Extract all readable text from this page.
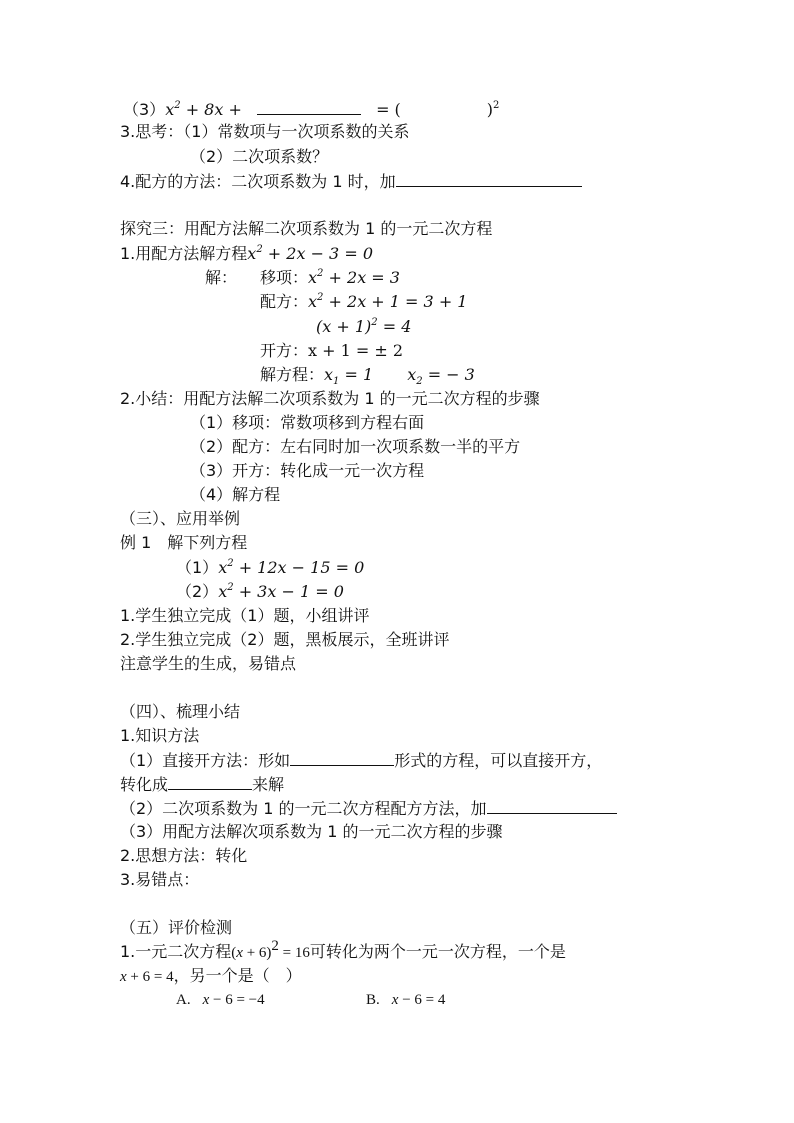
$(3)x^2 + 8x$ +	= (	)$^2$
3.思考：（1）常数项与一次项系数的关系
（2）二次项系数？
4.配方的方法：二次项系数为 1 时，加
探究三：用配方法解二次项系数为 1 的一元二次方程
1.用配方法解方程$x^2 + 2x - 3 = 0$
解： 移项：$x^2 + 2x = 3$
配方：$x^2 + 2x + 1 = 3 + 1$
$(x + 1)^2 = 4$
开方：x + 1 = ± 2
解方程：$x_1 = 1$ $x_2$ = − 3
2.小结：用配方法解二次项系数为 1 的一元二次方程的步骤
（1）移项：常数项移到方程右面
（2）配方：左右同时加一次项系数一半的平方
（3）开方：转化成一元一次方程
（4）解方程
（三）、应用举例
例 1　解下列方程
$(1)x^2 + 12x - 15 = 0$
$(2)x^2 + 3x - 1 = 0$
1.学生独立完成（1）题，小组讲评
2.学生独立完成（2）题，黑板展示，全班讲评
注意学生的生成，易错点
（四）、梳理小结
1.知识方法
（1）直接开方法：形如	形式的方程，可以直接开方，
转化成	来解
（2）二次项系数为 1 的一元二次方程配方方法，加
（3）用配方法解次项系数为 1 的一元二次方程的步骤
2.思想方法：转化
3.易错点：
（五）评价检测
1.一元二次方程$(x + 6)^2 = 16$可转化为两个一元一次方程，一个是
x + 6 = 4，另一个是（　）
A. x − 6 = −4	B. x − 6 = 4
